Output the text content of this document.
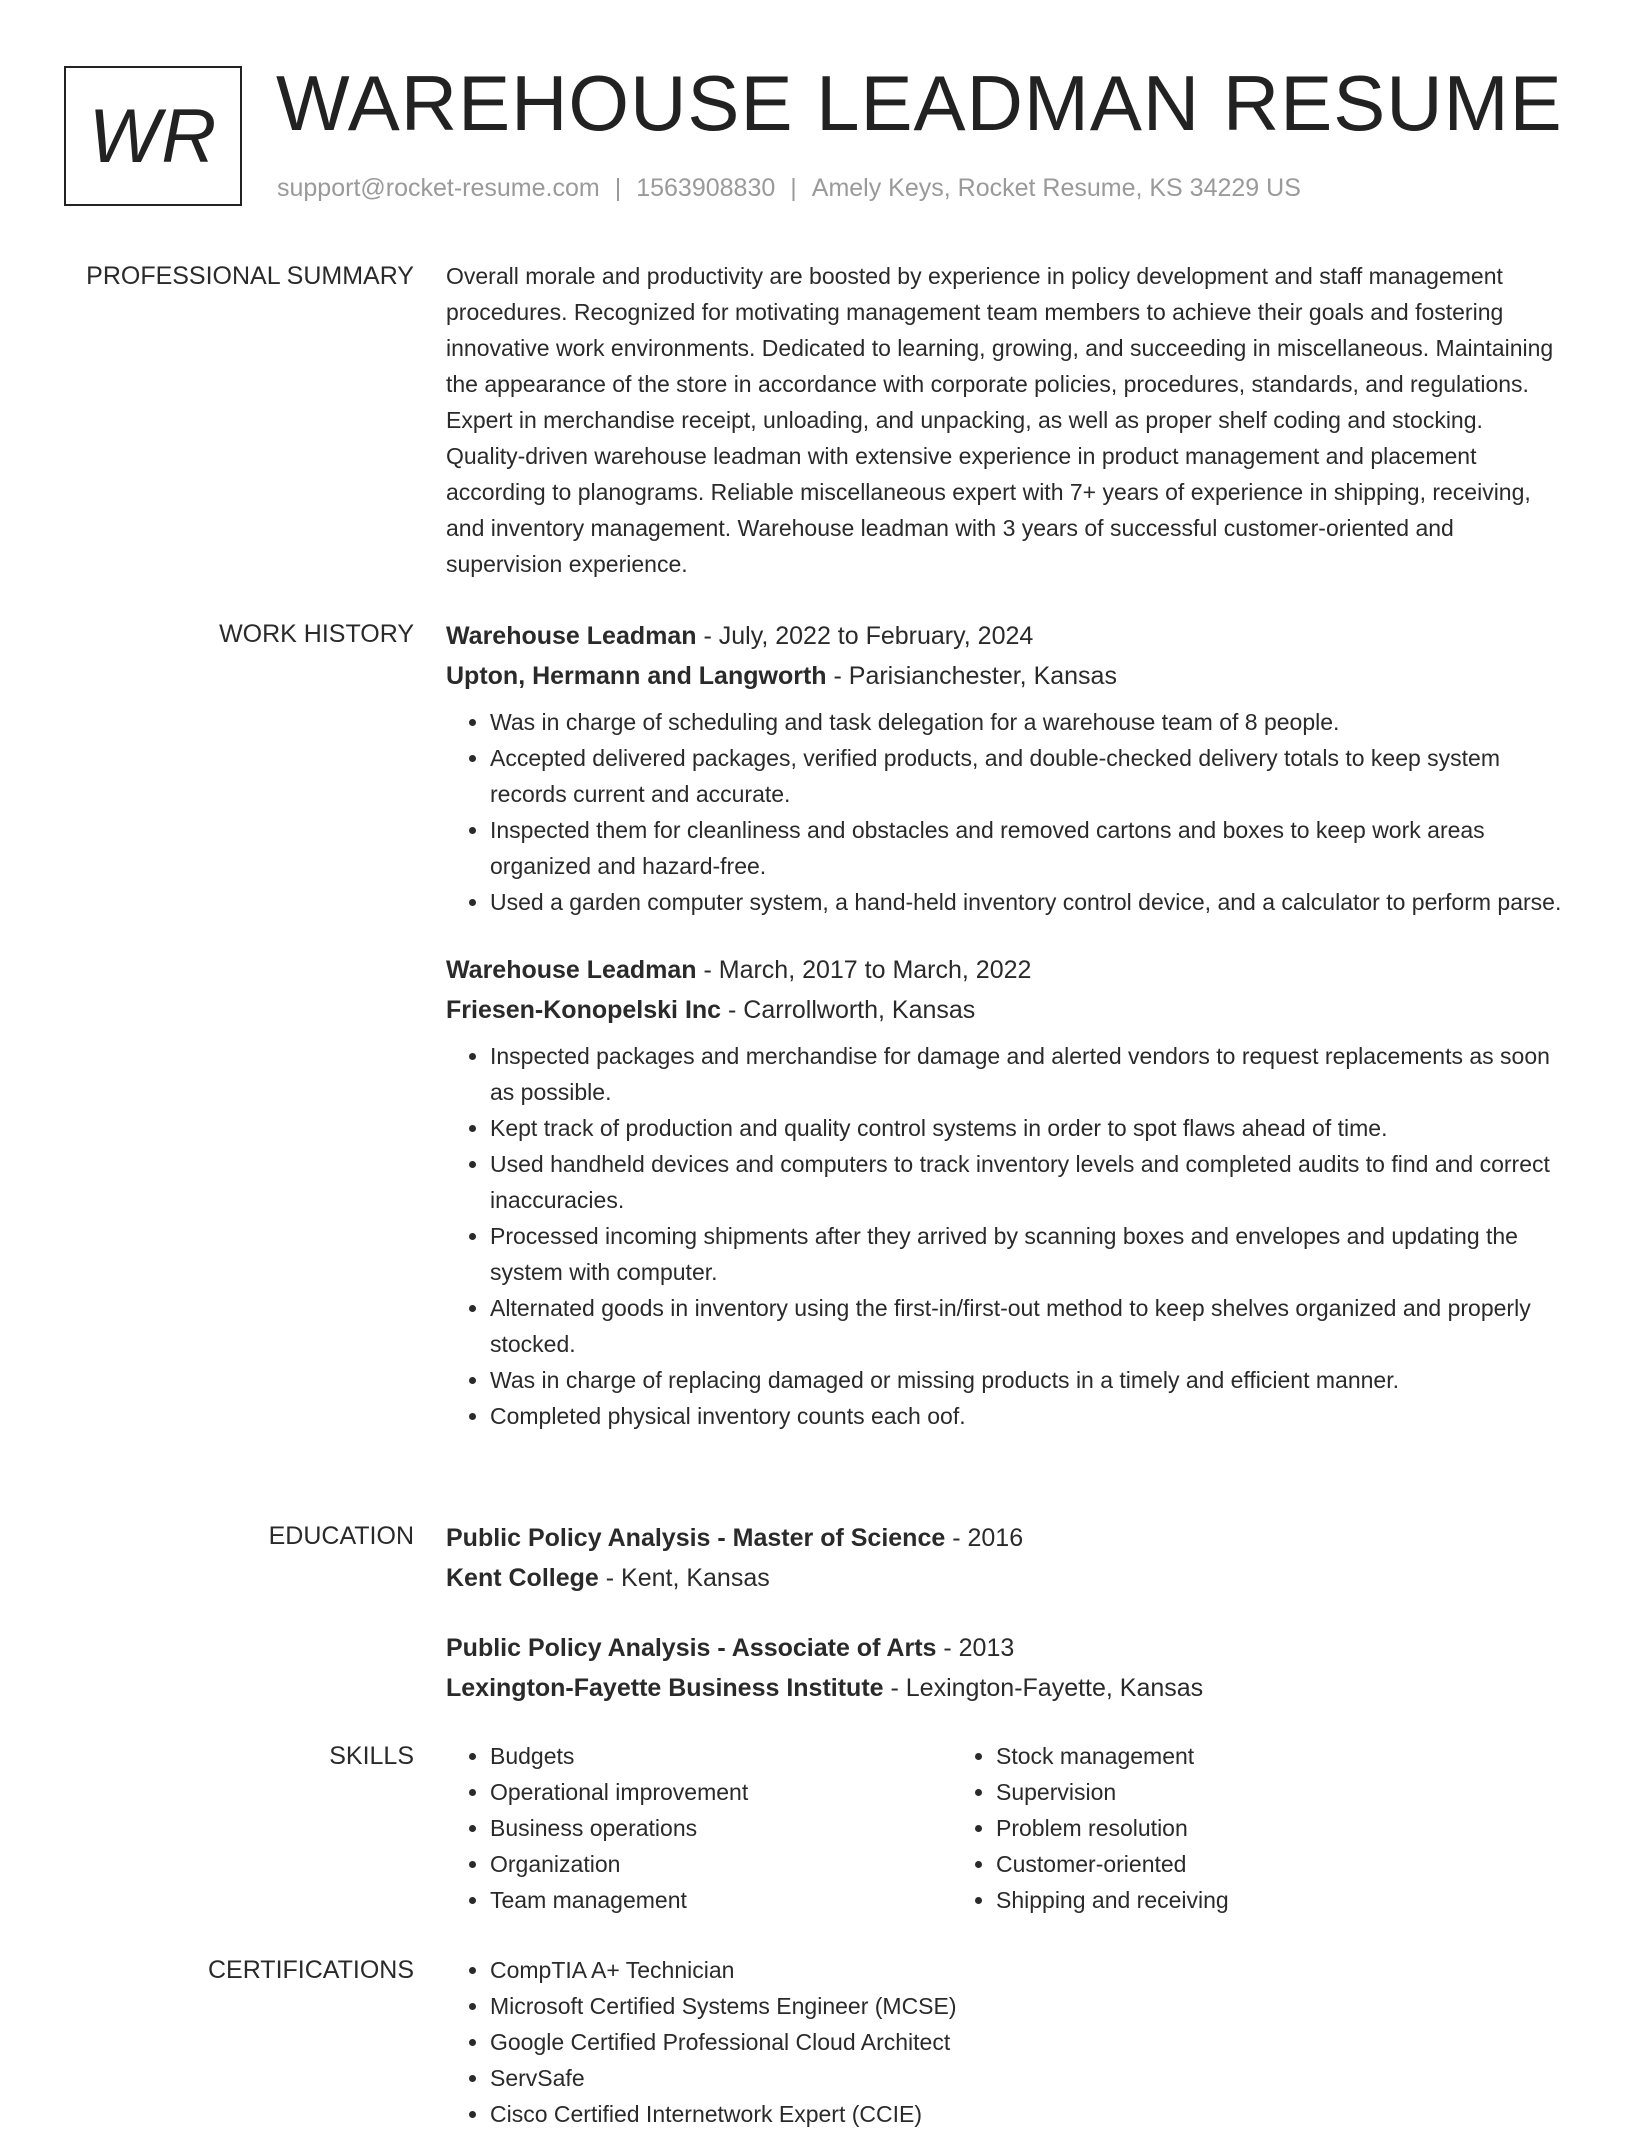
WR WAREHOUSE LEADMAN RESUME
support@rocket-resume.com | 1563908830 | Amely Keys, Rocket Resume, KS 34229 US
PROFESSIONAL SUMMARY Overall morale and productivity are boosted by experience in policy development and staff management procedures. Recognized for motivating management team members to achieve their goals and fostering innovative work environments. Dedicated to learning, growing, and succeeding in miscellaneous. Maintaining the appearance of the store in accordance with corporate policies, procedures, standards, and regulations. Expert in merchandise receipt, unloading, and unpacking, as well as proper shelf coding and stocking. Quality-driven warehouse leadman with extensive experience in product management and placement according to planograms. Reliable miscellaneous expert with 7+ years of experience in shipping, receiving, and inventory management. Warehouse leadman with 3 years of successful customer-oriented and supervision experience.

WORK HISTORY Warehouse Leadman - July, 2022 to February, 2024
Upton, Hermann and Langworth - Parisianchester, Kansas
• Was in charge of scheduling and task delegation for a warehouse team of 8 people.
• Accepted delivered packages, verified products, and double-checked delivery totals to keep system records current and accurate.
• Inspected them for cleanliness and obstacles and removed cartons and boxes to keep work areas organized and hazard-free.
• Used a garden computer system, a hand-held inventory control device, and a calculator to perform parse.
Warehouse Leadman - March, 2017 to March, 2022
Friesen-Konopelski Inc - Carrollworth, Kansas
• Inspected packages and merchandise for damage and alerted vendors to request replacements as soon as possible.
• Kept track of production and quality control systems in order to spot flaws ahead of time.
• Used handheld devices and computers to track inventory levels and completed audits to find and correct inaccuracies.
• Processed incoming shipments after they arrived by scanning boxes and envelopes and updating the system with computer.
• Alternated goods in inventory using the first-in/first-out method to keep shelves organized and properly stocked.
• Was in charge of replacing damaged or missing products in a timely and efficient manner.
• Completed physical inventory counts each oof.
EDUCATION Public Policy Analysis - Master of Science - 2016
Kent College - Kent, Kansas
Public Policy Analysis - Associate of Arts - 2013
Lexington-Fayette Business Institute - Lexington-Fayette, Kansas
SKILLS	• Budgets
• Operational improvement
• Business operations
• Organization
• Team management
• Stock management
• Supervision
• Problem resolution
• Customer-oriented
• Shipping and receiving
CERTIFICATIONS	• CompTIA A+ Technician
• Microsoft Certified Systems Engineer (MCSE)
• Google Certified Professional Cloud Architect
• ServSafe
• Cisco Certified Internetwork Expert (CCIE)
